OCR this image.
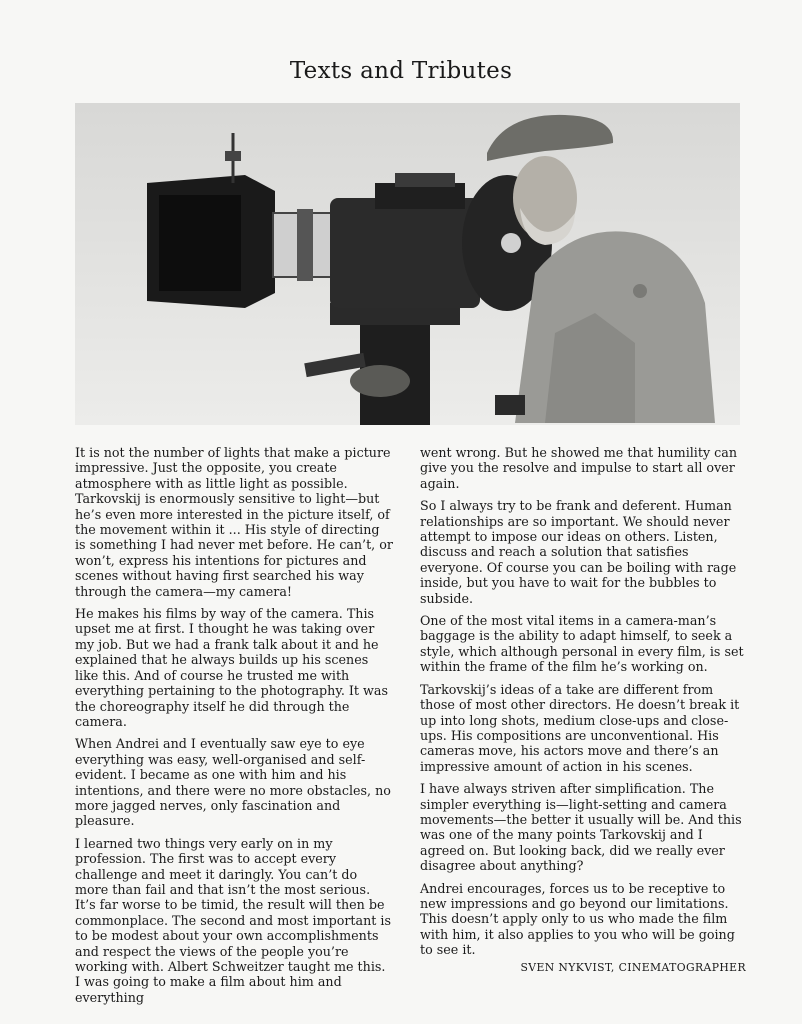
Texts and Tributes

It is not the number of lights that make a picture impressive. Just the opposite, you create atmosphere with as little light as possible. Tarkovskij is enormously sensitive to light—but he’s even more interested in the picture itself, of the movement within it ... His style of directing is something I had never met before. He can’t, or won’t, express his intentions for pictures and scenes without having first searched his way through the camera—my camera!

He makes his films by way of the camera. This upset me at first. I thought he was taking over my job. But we had a frank talk about it and he explained that he always builds up his scenes like this. And of course he trusted me with everything pertaining to the photography. It was the choreography itself he did through the camera.

When Andrei and I eventually saw eye to eye everything was easy, well-organised and self-evident. I became as one with him and his intentions, and there were no more obstacles, no more jagged nerves, only fascination and pleasure.

I learned two things very early on in my profession. The first was to accept every challenge and meet it daringly. You can’t do more than fail and that isn’t the most serious. It’s far worse to be timid, the result will then be commonplace. The second and most important is to be modest about your own accomplishments and respect the views of the people you’re working with. Albert Schweitzer taught me this. I was going to make a film about him and everything

went wrong. But he showed me that humility can give you the resolve and impulse to start all over again.

So I always try to be frank and deferent. Human relationships are so important. We should never attempt to impose our ideas on others. Listen, discuss and reach a solution that satisfies everyone. Of course you can be boiling with rage inside, but you have to wait for the bubbles to subside.

One of the most vital items in a camera-man’s baggage is the ability to adapt himself, to seek a style, which although personal in every film, is set within the frame of the film he’s working on.

Tarkovskij’s ideas of a take are different from those of most other directors. He doesn’t break it up into long shots, medium close-ups and close-ups. His compositions are unconventional. His cameras move, his actors move and there’s an impressive amount of action in his scenes.

I have always striven after simplification. The simpler everything is—light-setting and camera movements—the better it usually will be. And this was one of the many points Tarkovskij and I agreed on. But looking back, did we really ever disagree about anything?

Andrei encourages, forces us to be receptive to new impressions and go beyond our limitations. This doesn’t apply only to us who made the film with him, it also applies to you who will be going to see it.

SVEN NYKVIST, CINEMATOGRAPHER
